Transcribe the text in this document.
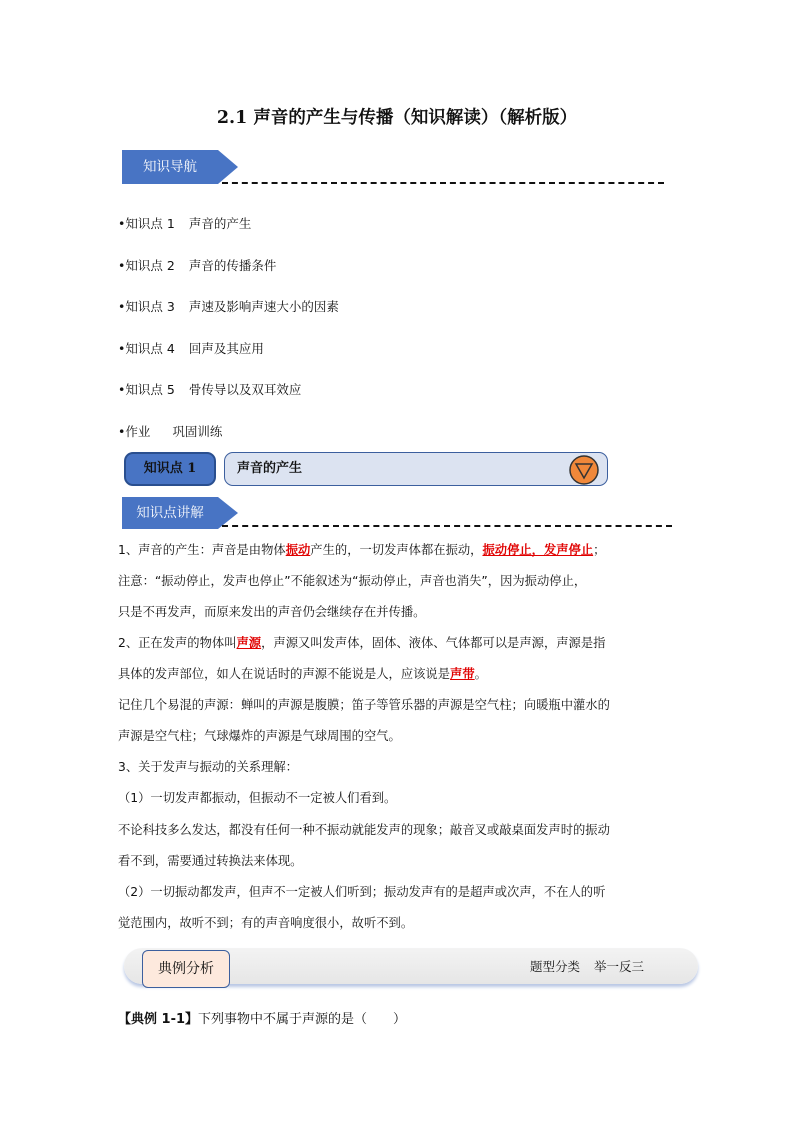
2.1 声音的产生与传播（知识解读）（解析版）
知识导航
•知识点 1 声音的产生
•知识点 2 声音的传播条件
•知识点 3 声速及影响声速大小的因素
•知识点 4 回声及其应用
•知识点 5 骨传导以及双耳效应
•作业 巩固训练
知识点 1	声音的产生
知识点讲解
1、声音的产生：声音是由物体振动产生的，一切发声体都在振动，振动停止，发声停止；
注意：“振动停止，发声也停止”不能叙述为“振动停止，声音也消失”，因为振动停止，
只是不再发声，而原来发出的声音仍会继续存在并传播。
2、正在发声的物体叫声源，声源又叫发声体，固体、液体、气体都可以是声源，声源是指
具体的发声部位，如人在说话时的声源不能说是人，应该说是声带。
记住几个易混的声源：蝉叫的声源是腹膜；笛子等管乐器的声源是空气柱；向暖瓶中灌水的
声源是空气柱；气球爆炸的声源是气球周围的空气。
3、关于发声与振动的关系理解：
（1）一切发声都振动，但振动不一定被人们看到。
不论科技多么发达，都没有任何一种不振动就能发声的现象；敲音叉或敲桌面发声时的振动
看不到，需要通过转换法来体现。
（2）一切振动都发声，但声不一定被人们听到；振动发声有的是超声或次声，不在人的听
觉范围内，故听不到；有的声音响度很小，故听不到。
典例分析	题型分类 举一反三
【典例 1-1】下列事物中不属于声源的是（　　）
